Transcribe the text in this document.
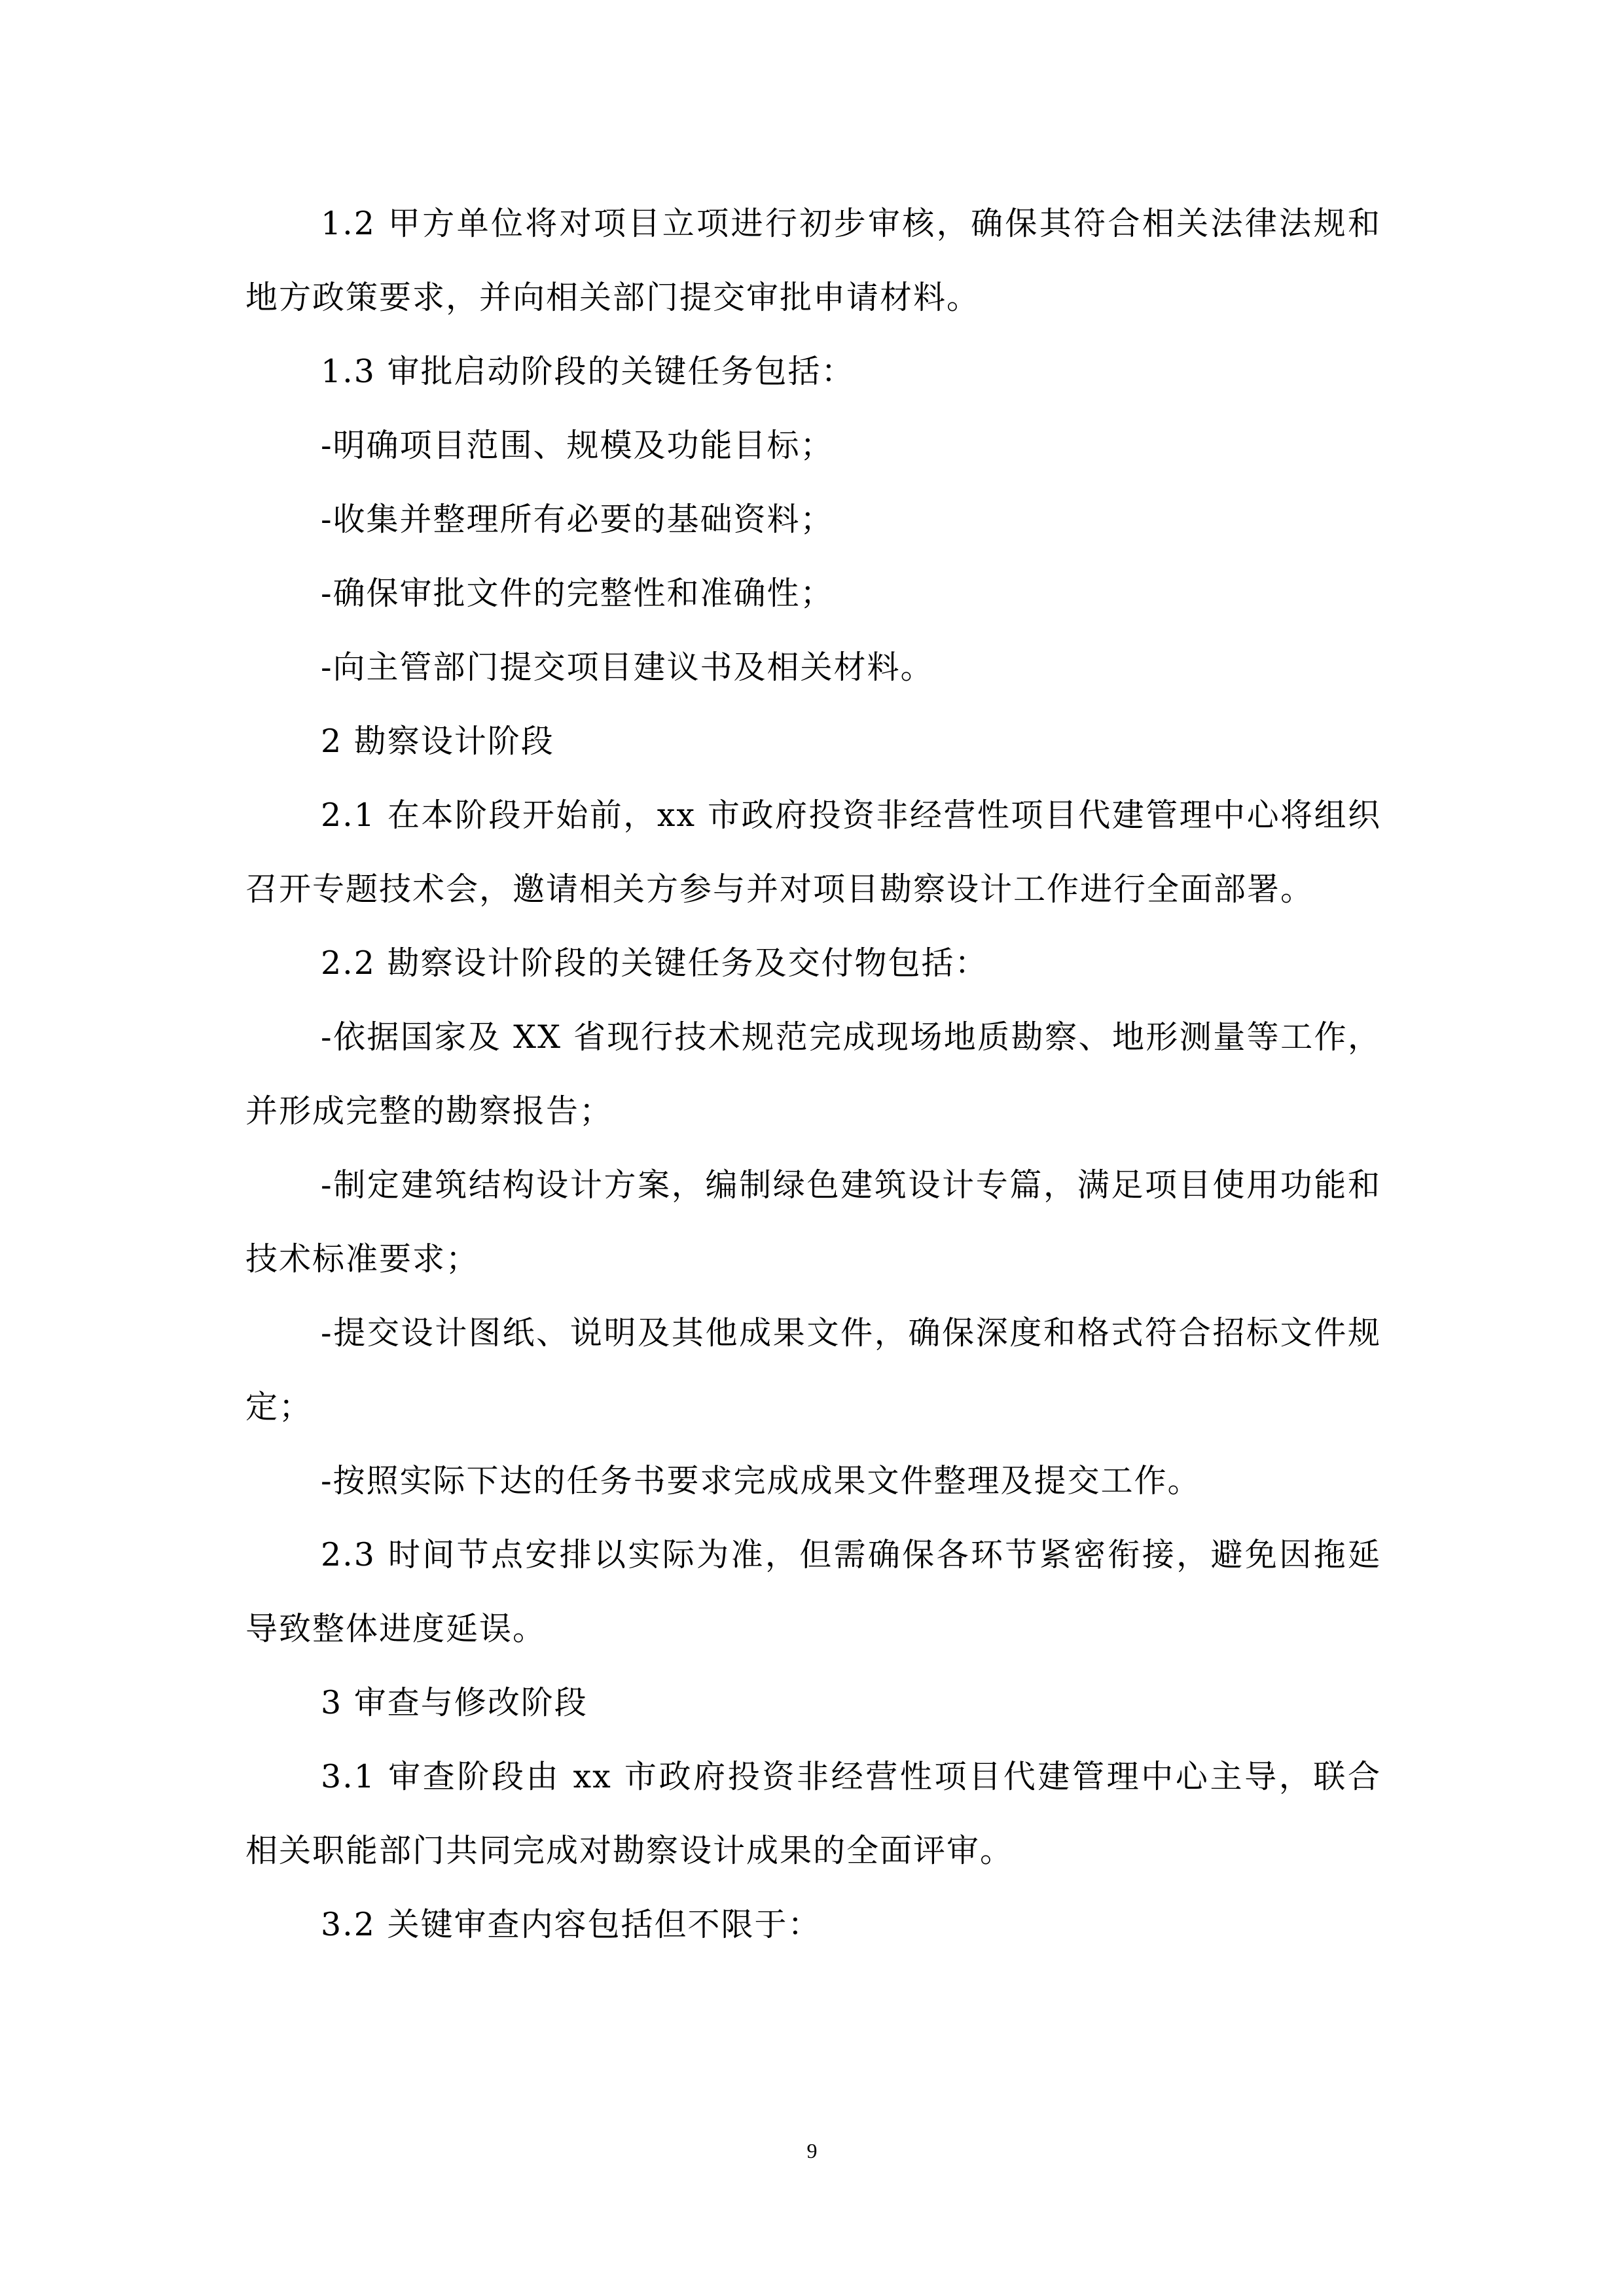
1.2 甲方单位将对项目立项进行初步审核，确保其符合相关法律法规和地方政策要求，并向相关部门提交审批申请材料。

1.3 审批启动阶段的关键任务包括：

-明确项目范围、规模及功能目标；

-收集并整理所有必要的基础资料；

-确保审批文件的完整性和准确性；

-向主管部门提交项目建议书及相关材料。

2 勘察设计阶段

2.1 在本阶段开始前，xx 市政府投资非经营性项目代建管理中心将组织召开专题技术会，邀请相关方参与并对项目勘察设计工作进行全面部署。

2.2 勘察设计阶段的关键任务及交付物包括：

-依据国家及 XX 省现行技术规范完成现场地质勘察、地形测量等工作，并形成完整的勘察报告；

-制定建筑结构设计方案，编制绿色建筑设计专篇，满足项目使用功能和技术标准要求；

-提交设计图纸、说明及其他成果文件，确保深度和格式符合招标文件规定；

-按照实际下达的任务书要求完成成果文件整理及提交工作。

2.3 时间节点安排以实际为准，但需确保各环节紧密衔接，避免因拖延导致整体进度延误。

3 审查与修改阶段

3.1 审查阶段由 xx 市政府投资非经营性项目代建管理中心主导，联合相关职能部门共同完成对勘察设计成果的全面评审。

3.2 关键审查内容包括但不限于：

9
